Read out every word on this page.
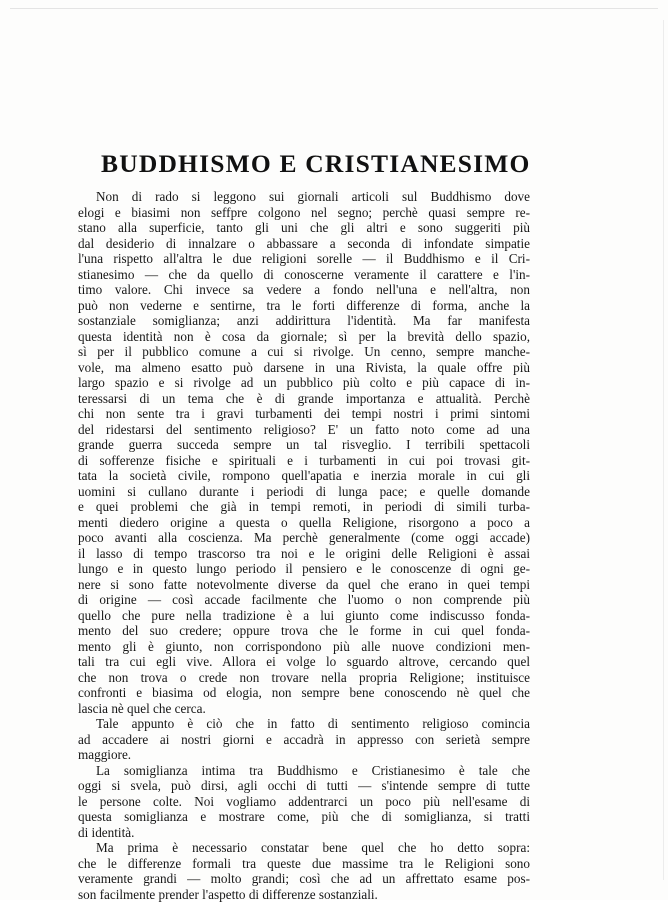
BUDDHISMO E CRISTIANESIMO
Non di rado si leggono sui giornali articoli sul Buddhismo dove
elogi e biasimi non seffpre colgono nel segno; perchè quasi sempre re-
stano alla superficie, tanto gli uni che gli altri e sono suggeriti più
dal desiderio di innalzare o abbassare a seconda di infondate simpatie
l'una rispetto all'altra le due religioni sorelle — il Buddhismo e il Cri-
stianesimo — che da quello di conoscerne veramente il carattere e l'in-
timo valore. Chi invece sa vedere a fondo nell'una e nell'altra, non
può non vederne e sentirne, tra le forti differenze di forma, anche la
sostanziale somiglianza; anzi addirittura l'identità. Ma far manifesta
questa identità non è cosa da giornale; sì per la brevità dello spazio,
sì per il pubblico comune a cui si rivolge. Un cenno, sempre manche-
vole, ma almeno esatto può darsene in una Rivista, la quale offre più
largo spazio e si rivolge ad un pubblico più colto e più capace di in-
teressarsi di un tema che è di grande importanza e attualità. Perchè
chi non sente tra i gravi turbamenti dei tempi nostri i primi sintomi
del ridestarsi del sentimento religioso? E' un fatto noto come ad una
grande guerra succeda sempre un tal risveglio. I terribili spettacoli
di sofferenze fisiche e spirituali e i turbamenti in cui poi trovasi git-
tata la società civile, rompono quell'apatia e inerzia morale in cui gli
uomini si cullano durante i periodi di lunga pace; e quelle domande
e quei problemi che già in tempi remoti, in periodi di simili turba-
menti diedero origine a questa o quella Religione, risorgono a poco a
poco avanti alla coscienza. Ma perchè generalmente (come oggi accade)
il lasso di tempo trascorso tra noi e le origini delle Religioni è assai
lungo e in questo lungo periodo il pensiero e le conoscenze di ogni ge-
nere si sono fatte notevolmente diverse da quel che erano in quei tempi
di origine — così accade facilmente che l'uomo o non comprende più
quello che pure nella tradizione è a lui giunto come indiscusso fonda-
mento del suo credere; oppure trova che le forme in cui quel fonda-
mento gli è giunto, non corrispondono più alle nuove condizioni men-
tali tra cui egli vive. Allora ei volge lo sguardo altrove, cercando quel
che non trova o crede non trovare nella propria Religione; instituisce
confronti e biasima od elogia, non sempre bene conoscendo nè quel che
lascia nè quel che cerca.
Tale appunto è ciò che in fatto di sentimento religioso comincia
ad accadere ai nostri giorni e accadrà in appresso con serietà sempre
maggiore.
La somiglianza intima tra Buddhismo e Cristianesimo è tale che
oggi si svela, può dirsi, agli occhi di tutti — s'intende sempre di tutte
le persone colte. Noi vogliamo addentrarci un poco più nell'esame di
questa somiglianza e mostrare come, più che di somiglianza, si tratti
di identità.
Ma prima è necessario constatar bene quel che ho detto sopra:
che le differenze formali tra queste due massime tra le Religioni sono
veramente grandi — molto grandi; così che ad un affrettato esame pos-
son facilmente prender l'aspetto di differenze sostanziali.
